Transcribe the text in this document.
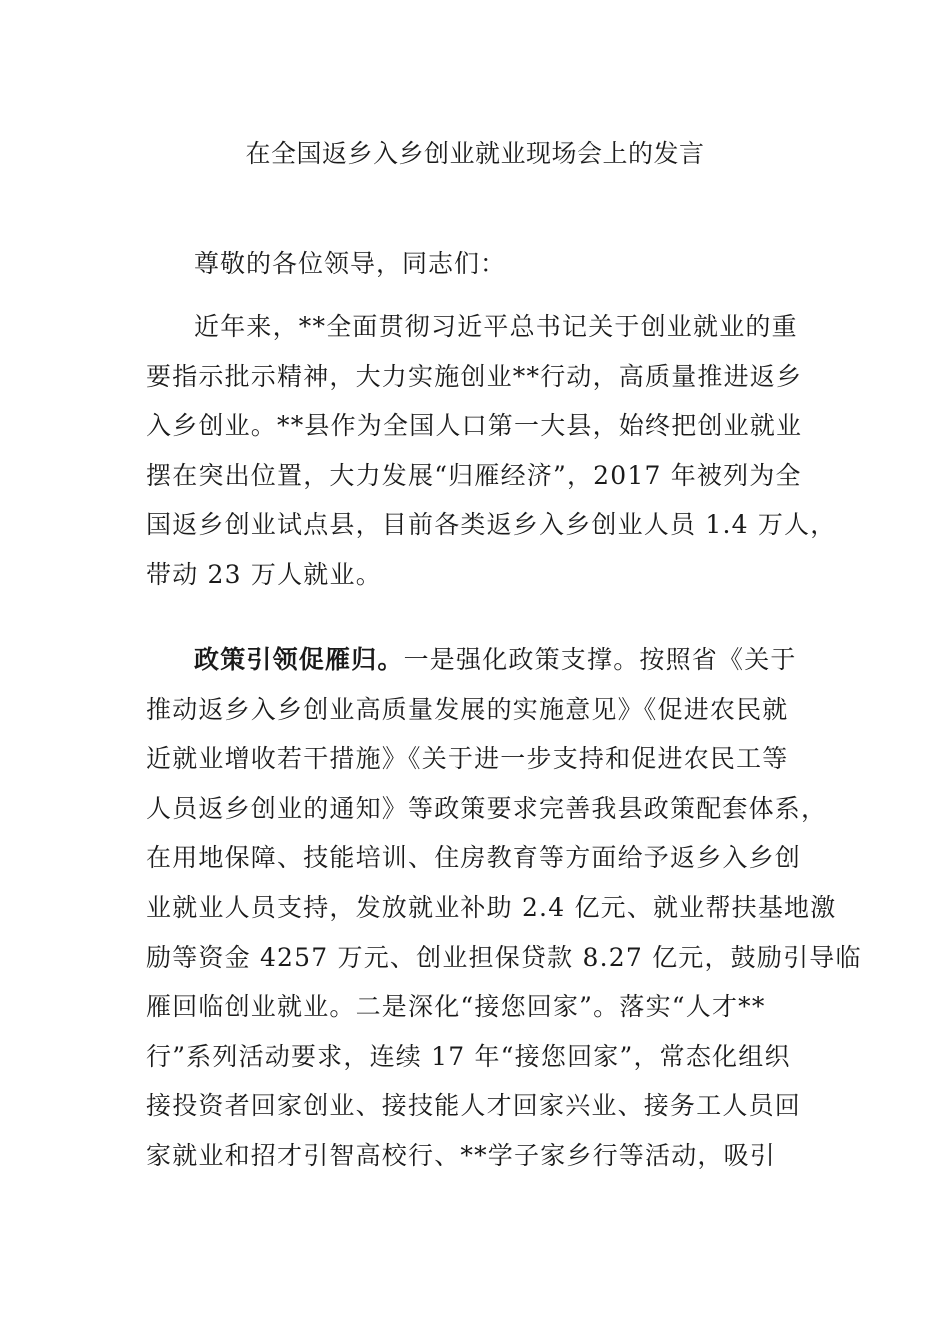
在全国返乡入乡创业就业现场会上的发言
尊敬的各位领导，同志们：
近年来，**全面贯彻习近平总书记关于创业就业的重
要指示批示精神，大力实施创业**行动，高质量推进返乡
入乡创业。**县作为全国人口第一大县，始终把创业就业
摆在突出位置，大力发展“归雁经济”，2017 年被列为全
国返乡创业试点县，目前各类返乡入乡创业人员 1.4 万人，
带动 23 万人就业。
政策引领促雁归。一是强化政策支撑。按照省《关于
推动返乡入乡创业高质量发展的实施意见》《促进农民就
近就业增收若干措施》《关于进一步支持和促进农民工等
人员返乡创业的通知》等政策要求完善我县政策配套体系，
在用地保障、技能培训、住房教育等方面给予返乡入乡创
业就业人员支持，发放就业补助 2.4 亿元、就业帮扶基地激
励等资金 4257 万元、创业担保贷款 8.27 亿元，鼓励引导临
雁回临创业就业。二是深化“接您回家”。落实“人才**
行”系列活动要求，连续 17 年“接您回家”，常态化组织
接投资者回家创业、接技能人才回家兴业、接务工人员回
家就业和招才引智高校行、**学子家乡行等活动，吸引
